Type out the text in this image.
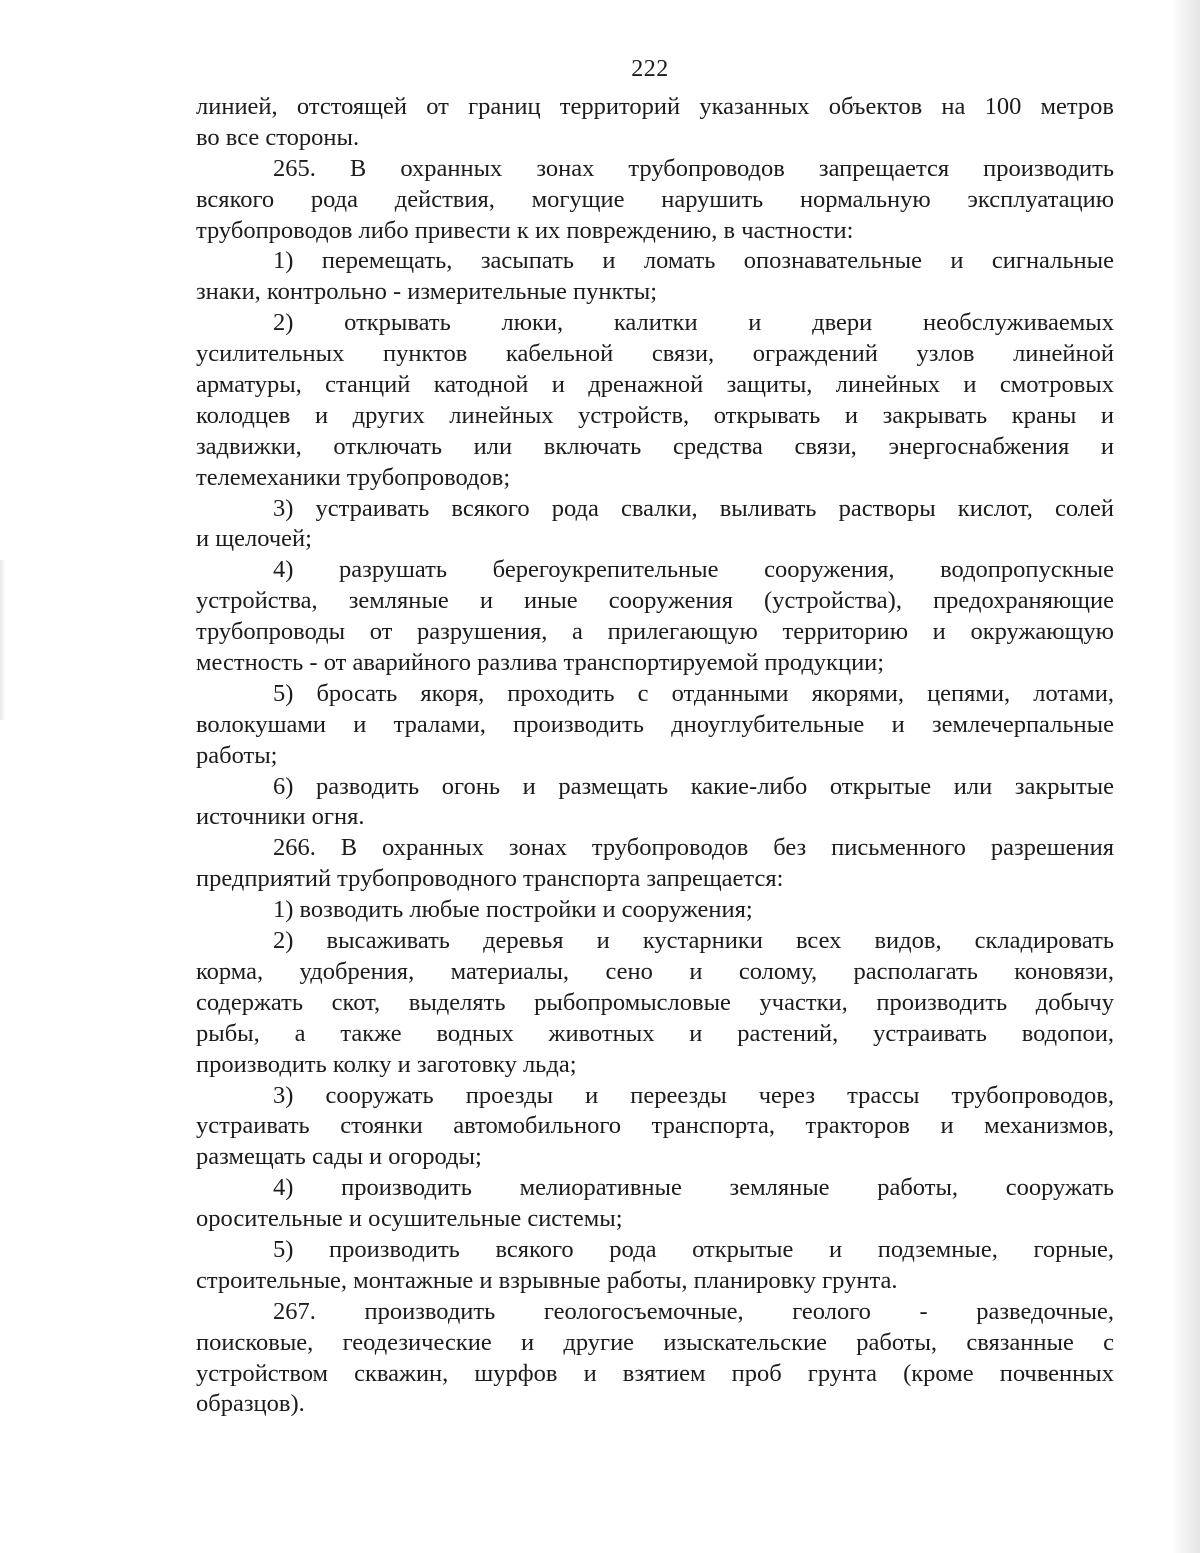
222
линией, отстоящей от границ территорий указанных объектов на 100 метров
во все стороны.
265. В охранных зонах трубопроводов запрещается производить
всякого рода действия, могущие нарушить нормальную эксплуатацию
трубопроводов либо привести к их повреждению, в частности:
1) перемещать, засыпать и ломать опознавательные и сигнальные
знаки, контрольно - измерительные пункты;
2) открывать люки, калитки и двери необслуживаемых
усилительных пунктов кабельной связи, ограждений узлов линейной
арматуры, станций катодной и дренажной защиты, линейных и смотровых
колодцев и других линейных устройств, открывать и закрывать краны и
задвижки, отключать или включать средства связи, энергоснабжения и
телемеханики трубопроводов;
3) устраивать всякого рода свалки, выливать растворы кислот, солей
и щелочей;
4) разрушать берегоукрепительные сооружения, водопропускные
устройства, земляные и иные сооружения (устройства), предохраняющие
трубопроводы от разрушения, а прилегающую территорию и окружающую
местность - от аварийного разлива транспортируемой продукции;
5) бросать якоря, проходить с отданными якорями, цепями, лотами,
волокушами и тралами, производить дноуглубительные и землечерпальные
работы;
6) разводить огонь и размещать какие-либо открытые или закрытые
источники огня.
266. В охранных зонах трубопроводов без письменного разрешения
предприятий трубопроводного транспорта запрещается:
1) возводить любые постройки и сооружения;
2) высаживать деревья и кустарники всех видов, складировать
корма, удобрения, материалы, сено и солому, располагать коновязи,
содержать скот, выделять рыбопромысловые участки, производить добычу
рыбы, а также водных животных и растений, устраивать водопои,
производить колку и заготовку льда;
3) сооружать проезды и переезды через трассы трубопроводов,
устраивать стоянки автомобильного транспорта, тракторов и механизмов,
размещать сады и огороды;
4) производить мелиоративные земляные работы, сооружать
оросительные и осушительные системы;
5) производить всякого рода открытые и подземные, горные,
строительные, монтажные и взрывные работы, планировку грунта.
267. производить геологосъемочные, геолого - разведочные,
поисковые, геодезические и другие изыскательские работы, связанные с
устройством скважин, шурфов и взятием проб грунта (кроме почвенных
образцов).
